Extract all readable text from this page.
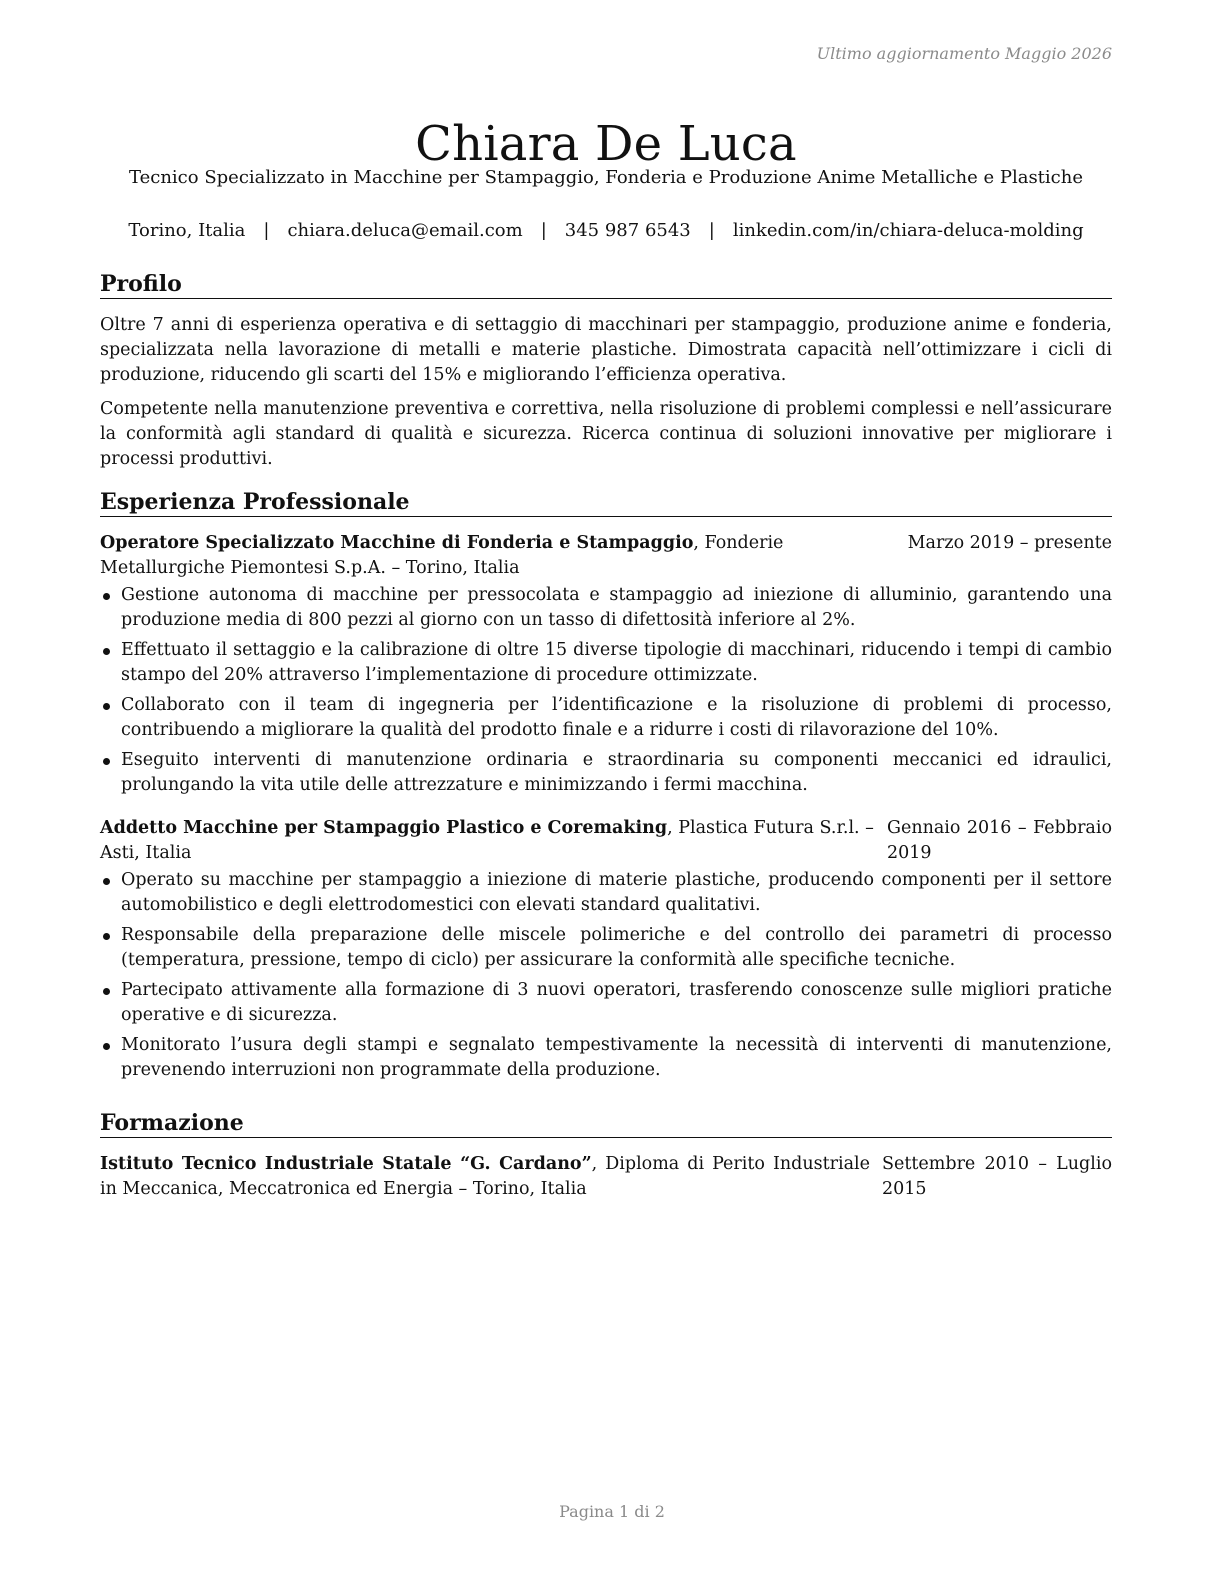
Ultimo aggiornamento Maggio 2026
Chiara De Luca
Tecnico Specializzato in Macchine per Stampaggio, Fonderia e Produzione Anime Metalliche e Plastiche
Torino, Italia | chiara.deluca@email.com | 345 987 6543 | linkedin.com/in/chiara-deluca-molding
Profilo

Oltre 7 anni di esperienza operativa e di settaggio di macchinari per stampaggio, produzione anime e fonderia, specializzata nella lavorazione di metalli e materie plastiche. Dimostrata capacità nell’ottimizzare i cicli di produzione, riducendo gli scarti del 15% e migliorando l’efficienza operativa.

Competente nella manutenzione preventiva e correttiva, nella risoluzione di problemi complessi e nell’assicurare la conformità agli standard di qualità e sicurezza. Ricerca continua di soluzioni innovative per migliorare i processi produttivi.

Esperienza Professionale
Operatore Specializzato Macchine di Fonderia e Stampaggio, Fonderie Metallurgiche Piemontesi S.p.A. – Torino, Italia
Marzo 2019 – presente
Gestione autonoma di macchine per pressocolata e stampaggio ad iniezione di alluminio, garantendo una produzione media di 800 pezzi al giorno con un tasso di difettosità inferiore al 2%.
Effettuato il settaggio e la calibrazione di oltre 15 diverse tipologie di macchinari, riducendo i tempi di cambio stampo del 20% attraverso l’implementazione di procedure ottimizzate.
Collaborato con il team di ingegneria per l’identificazione e la risoluzione di problemi di processo, contribuendo a migliorare la qualità del prodotto finale e a ridurre i costi di rilavorazione del 10%.
Eseguito interventi di manutenzione ordinaria e straordinaria su componenti meccanici ed idraulici, prolungando la vita utile delle attrezzature e minimizzando i fermi macchina.
Addetto Macchine per Stampaggio Plastico e Coremaking, Plastica Futura S.r.l. – Asti, Italia
Gennaio 2016 – Febbraio
2019
Operato su macchine per stampaggio a iniezione di materie plastiche, producendo componenti per il settore automobilistico e degli elettrodomestici con elevati standard qualitativi.
Responsabile della preparazione delle miscele polimeriche e del controllo dei parametri di processo (temperatura, pressione, tempo di ciclo) per assicurare la conformità alle specifiche tecniche.
Partecipato attivamente alla formazione di 3 nuovi operatori, trasferendo conoscenze sulle migliori pratiche operative e di sicurezza.
Monitorato l’usura degli stampi e segnalato tempestivamente la necessità di interventi di manutenzione, prevenendo interruzioni non programmate della produzione.
Formazione
Istituto Tecnico Industriale Statale “G. Cardano”, Diploma di Perito Industriale in Meccanica, Meccatronica ed Energia – Torino, Italia
Settembre 2010 – Luglio
2015
Pagina 1 di 2
